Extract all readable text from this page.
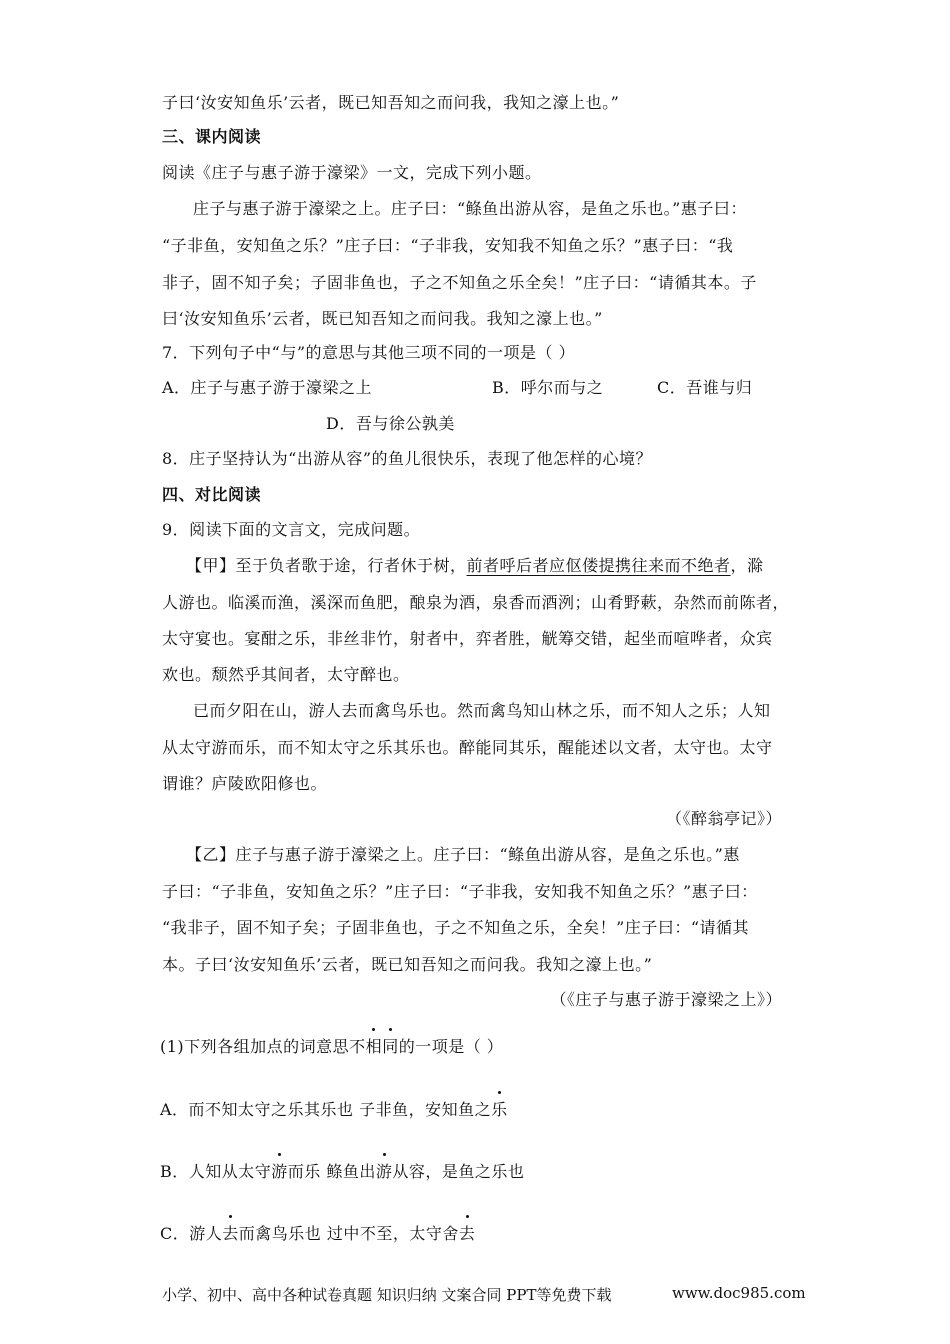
子曰‘汝安知鱼乐’云者，既已知吾知之而问我，我知之濠上也。”
三、课内阅读
阅读《庄子与惠子游于濠梁》一文，完成下列小题。
庄子与惠子游于濠梁之上。庄子曰：“鲦鱼出游从容，是鱼之乐也。”惠子曰：
“子非鱼，安知鱼之乐？”庄子曰：“子非我，安知我不知鱼之乐？”惠子曰：“我
非子，固不知子矣；子固非鱼也，子之不知鱼之乐全矣！”庄子曰：“请循其本。子
曰‘汝安知鱼乐’云者，既已知吾知之而问我。我知之濠上也。”
7．下列句子中“与”的意思与其他三项不同的一项是（ ）
A．庄子与惠子游于濠梁之上	B．呼尔而与之	C．吾谁与归
D．吾与徐公孰美
8．庄子坚持认为“出游从容”的鱼儿很快乐，表现了他怎样的心境？
四、对比阅读
9．阅读下面的文言文，完成问题。
【甲】至于负者歌于途，行者休于树，前者呼后者应伛偻提携往来而不绝者，滁
人游也。临溪而渔，溪深而鱼肥，酿泉为酒，泉香而酒洌；山肴野蔌，杂然而前陈者，
太守宴也。宴酣之乐，非丝非竹，射者中，弈者胜，觥筹交错，起坐而喧哗者，众宾
欢也。颓然乎其间者，太守醉也。
已而夕阳在山，游人去而禽鸟乐也。然而禽鸟知山林之乐，而不知人之乐；人知
从太守游而乐，而不知太守之乐其乐也。醉能同其乐，醒能述以文者，太守也。太守
谓谁？庐陵欧阳修也。
（《醉翁亭记》）
【乙】庄子与惠子游于濠梁之上。庄子曰：“鲦鱼出游从容，是鱼之乐也。”惠
子曰：“子非鱼，安知鱼之乐？”庄子曰：“子非我，安知我不知鱼之乐？”惠子曰：
“我非子，固不知子矣；子固非鱼也，子之不知鱼之乐，全矣！”庄子曰：“请循其
本。子曰‘汝安知鱼乐’云者，既已知吾知之而问我。我知之濠上也。”
（《庄子与惠子游于濠梁之上》）
(1)下列各组加点的词意思不相同的一项是（ ）
A．而不知太守之乐其乐也 子非鱼，安知鱼之乐
B．人知从太守游而乐 鲦鱼出游从容，是鱼之乐也
C．游人去而禽鸟乐也 过中不至，太守舍去
小学、初中、高中各种试卷真题 知识归纳 文案合同 PPT等免费下载	www.doc985.com
